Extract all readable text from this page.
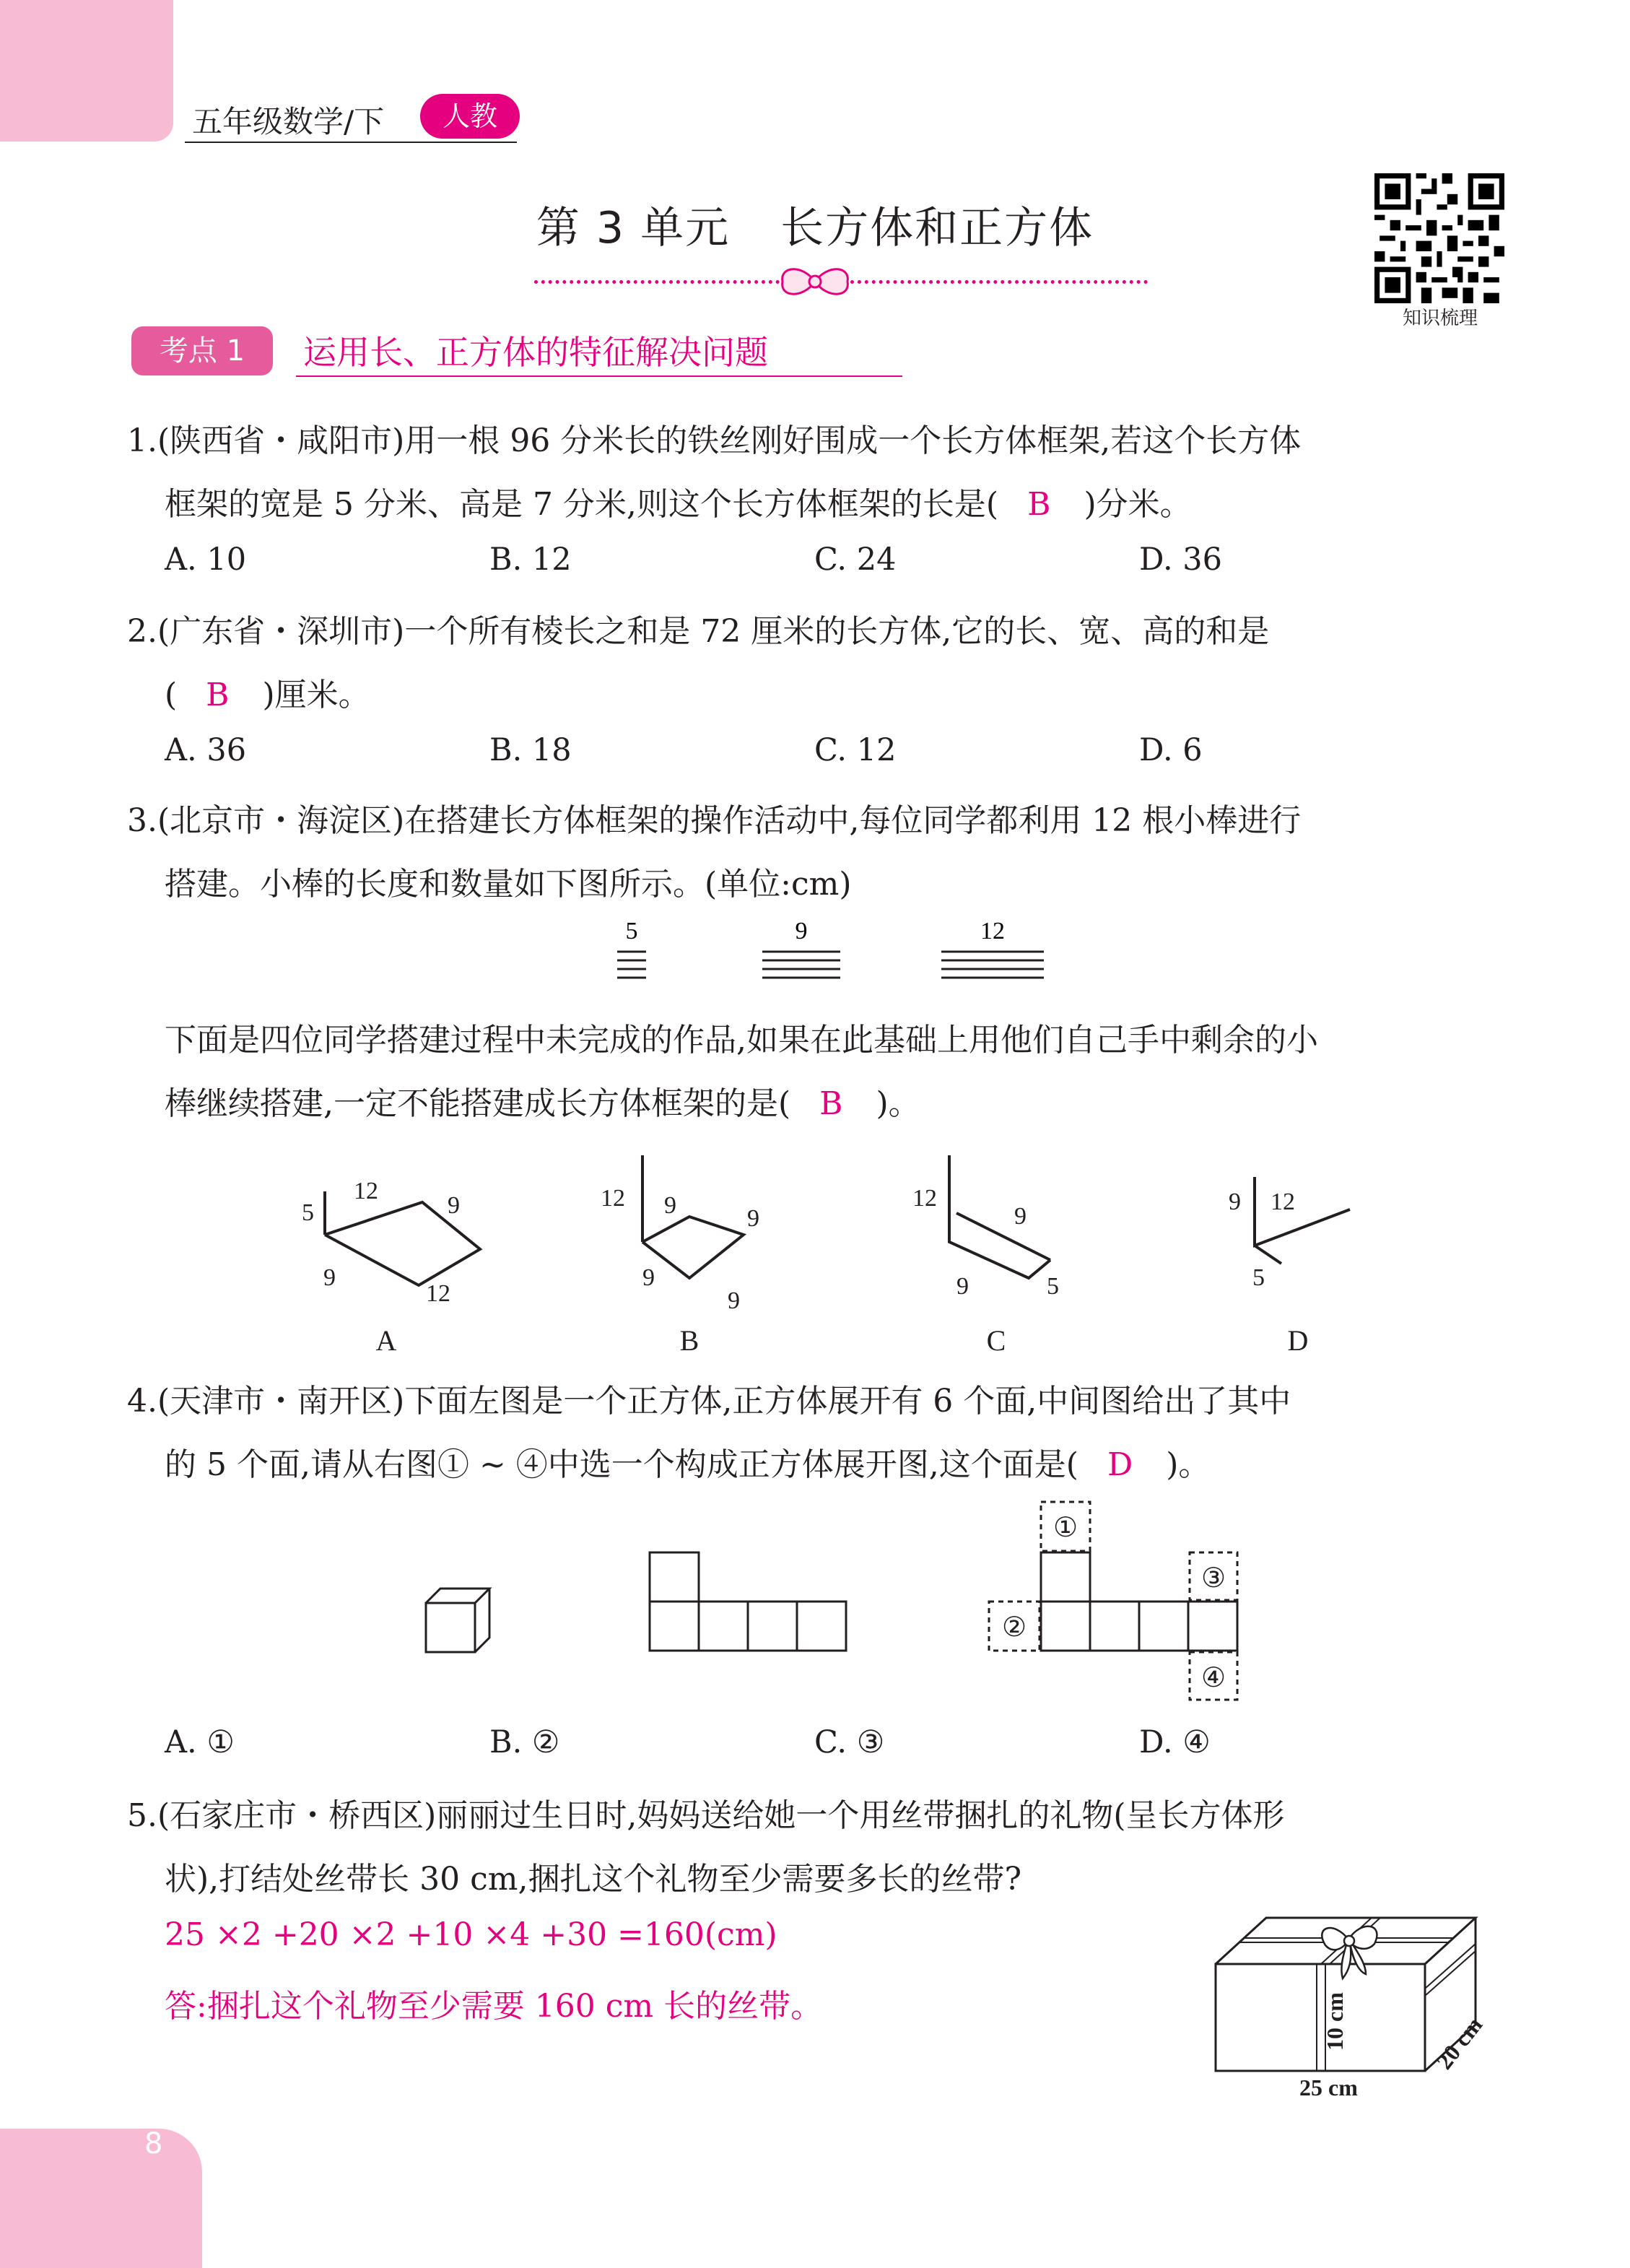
8
五年级数学/下	人教
第 3 单元 长方体和正方体
知识梳理
考点 1	运用长、正方体的特征解决问题
1.(陕西省・咸阳市)用一根 96 分米长的铁丝刚好围成一个长方体框架,若这个长方体
框架的宽是 5 分米、高是 7 分米,则这个长方体框架的长是( B )分米。
A. 10	B. 12	C. 24	D. 36
2.(广东省・深圳市)一个所有棱长之和是 72 厘米的长方体,它的长、宽、高的和是
( B )厘米。
A. 36	B. 18	C. 12	D. 6
3.(北京市・海淀区)在搭建长方体框架的操作活动中,每位同学都利用 12 根小棒进行
搭建。小棒的长度和数量如下图所示。(单位:cm)
5	9	12
下面是四位同学搭建过程中未完成的作品,如果在此基础上用他们自己手中剩余的小
棒继续搭建,一定不能搭建成长方体框架的是( B )。
5
12
9
9
12
12 9	9
9
9
12
9
9	5
9 12
5
A	B	C	D
4.(天津市・南开区)下面左图是一个正方体,正方体展开有 6 个面,中间图给出了其中
的 5 个面,请从右图① ~ ④中选一个构成正方体展开图,这个面是( D )。
①
②
③
④
A. ①	B. ②	C. ③	D. ④
5.(石家庄市・桥西区)丽丽过生日时,妈妈送给她一个用丝带捆扎的礼物(呈长方体形
状),打结处丝带长 30 cm,捆扎这个礼物至少需要多长的丝带?
25 ×2 +20 ×2 +10 ×4 +30 =160(cm)
答:捆扎这个礼物至少需要 160 cm 长的丝带。
25 cm
20 cm
10 cm
